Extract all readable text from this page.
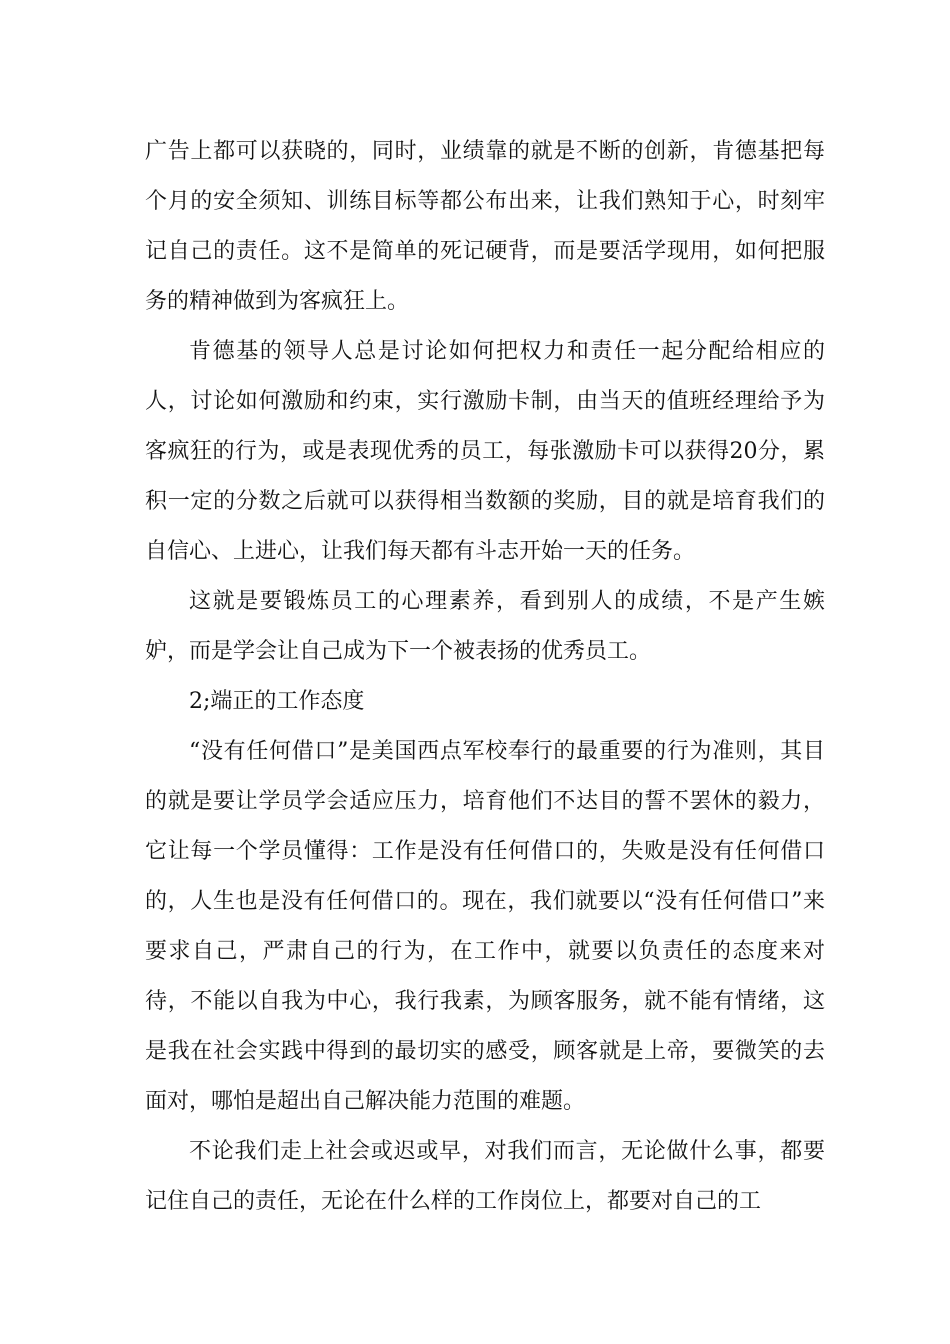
广告上都可以获晓的，同时，业绩靠的就是不断的创新，肯德基把每个月的安全须知、训练目标等都公布出来，让我们熟知于心，时刻牢记自己的责任。这不是简单的死记硬背，而是要活学现用，如何把服务的精神做到为客疯狂上。

肯德基的领导人总是讨论如何把权力和责任一起分配给相应的人，讨论如何激励和约束，实行激励卡制，由当天的值班经理给予为客疯狂的行为，或是表现优秀的员工，每张激励卡可以获得20分，累积一定的分数之后就可以获得相当数额的奖励，目的就是培育我们的自信心、上进心，让我们每天都有斗志开始一天的任务。

这就是要锻炼员工的心理素养，看到别人的成绩，不是产生嫉妒，而是学会让自己成为下一个被表扬的优秀员工。

2;端正的工作态度

“没有任何借口”是美国西点军校奉行的最重要的行为准则，其目的就是要让学员学会适应压力，培育他们不达目的誓不罢休的毅力，它让每一个学员懂得：工作是没有任何借口的，失败是没有任何借口的，人生也是没有任何借口的。现在，我们就要以“没有任何借口”来要求自己，严肃自己的行为，在工作中，就要以负责任的态度来对待，不能以自我为中心，我行我素，为顾客服务，就不能有情绪，这是我在社会实践中得到的最切实的感受，顾客就是上帝，要微笑的去面对，哪怕是超出自己解决能力范围的难题。

不论我们走上社会或迟或早，对我们而言，无论做什么事，都要记住自己的责任，无论在什么样的工作岗位上，都要对自己的工
